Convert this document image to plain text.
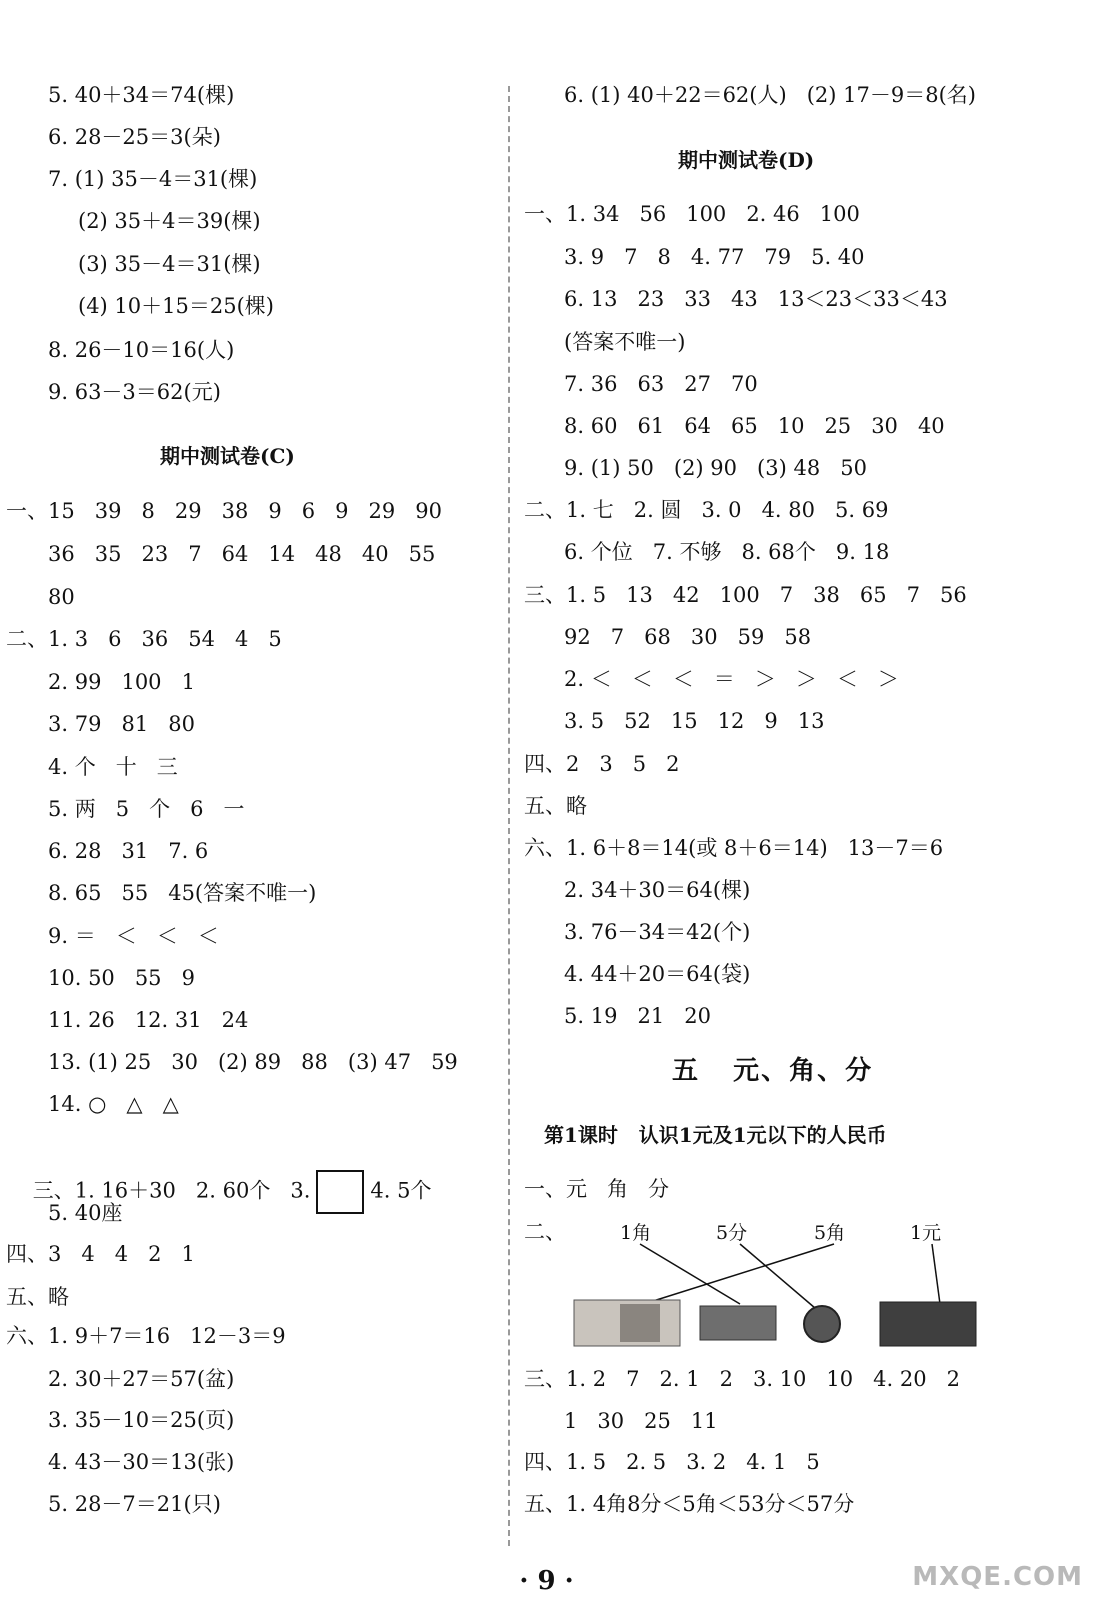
5. 40＋34＝74(棵)
6. 28－25＝3(朵)
7. (1) 35－4＝31(棵)
(2) 35＋4＝39(棵)
(3) 35－4＝31(棵)
(4) 10＋15＝25(棵)
8. 26－10＝16(人)
9. 63－3＝62(元)
期中测试卷(C)
一、15   39   8   29   38   9   6   9   29   90
36   35   23   7   64   14   48   40   55
80
二、1. 3   6   36   54   4   5
2. 99   100   1
3. 79   81   80
4. 个   十   三
5. 两   5   个   6   一
6. 28   31   7. 6
8. 65   55   45(答案不唯一)
9. ＝   ＜   ＜   ＜
10. 50   55   9
11. 26   12. 31   24
13. (1) 25   30   (2) 89   88   (3) 47   59
14. ○   △   △

三、1. 16＋30   2. 60个   3.	4. 5个

5. 40座
四、3   4   4   2   1
五、略
六、1. 9＋7＝16   12－3＝9
2. 30＋27＝57(盆)
3. 35－10＝25(页)
4. 43－30＝13(张)
5. 28－7＝21(只)
6. (1) 40＋22＝62(人)   (2) 17－9＝8(名)
期中测试卷(D)
一、1. 34   56   100   2. 46   100
3. 9   7   8   4. 77   79   5. 40
6. 13   23   33   43   13＜23＜33＜43
(答案不唯一)
7. 36   63   27   70
8. 60   61   64   65   10   25   30   40
9. (1) 50   (2) 90   (3) 48   50
二、1. 七   2. 圆   3. 0   4. 80   5. 69
6. 个位   7. 不够   8. 68个   9. 18
三、1. 5   13   42   100   7   38   65   7   56
92   7   68   30   59   58
2. ＜   ＜   ＜   ＝   ＞   ＞   ＜   ＞
3. 5   52   15   12   9   13
四、2   3   5   2
五、略
六、1. 6＋8＝14(或 8＋6＝14)   13－7＝6
2. 34＋30＝64(棵)
3. 76－34＝42(个)
4. 44＋20＝64(袋)
5. 19   21   20
五   元、角、分
第1课时   认识1元及1元以下的人民币
一、元   角   分
二、	1角	5分	5角	1元
三、1. 2   7   2. 1   2   3. 10   10   4. 20   2
1   30   25   11
四、1. 5   2. 5   3. 2   4. 1   5
五、1. 4角8分＜5角＜53分＜57分
· 9 ·	MXQE.COM
